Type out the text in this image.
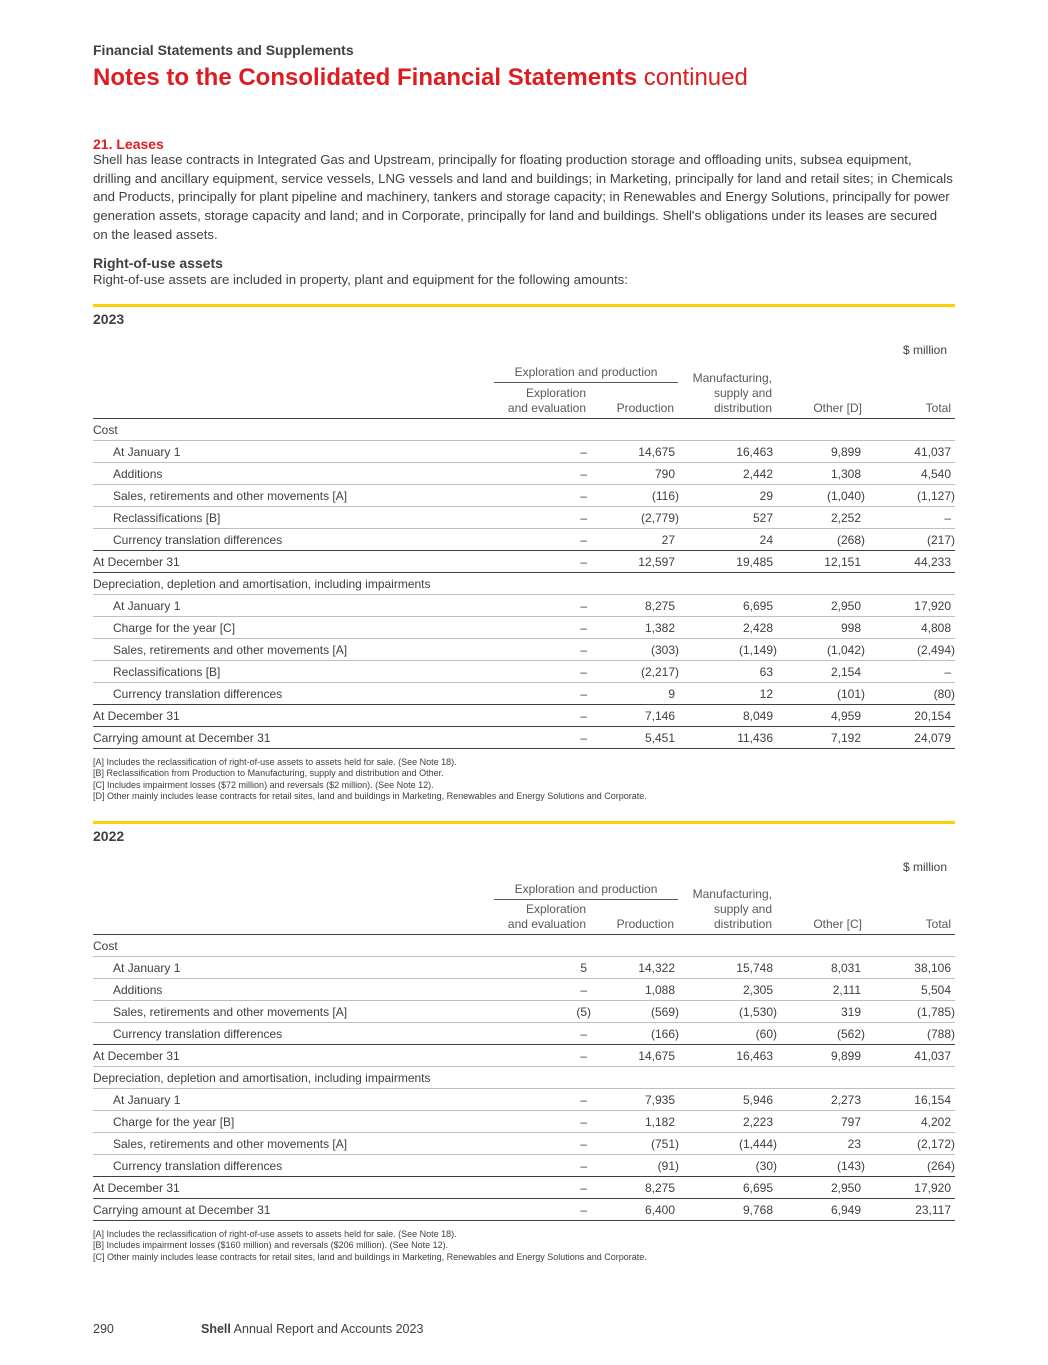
Financial Statements and Supplements
Notes to the Consolidated Financial Statements continued
21. Leases
Shell has lease contracts in Integrated Gas and Upstream, principally for floating production storage and offloading units, subsea equipment, drilling and ancillary equipment, service vessels, LNG vessels and land and buildings; in Marketing, principally for land and retail sites; in Chemicals and Products, principally for plant pipeline and machinery, tankers and storage capacity; in Renewables and Energy Solutions, principally for power generation assets, storage capacity and land; and in Corporate, principally for land and buildings. Shell's obligations under its leases are secured on the leased assets.
Right-of-use assets
Right-of-use assets are included in property, plant and equipment for the following amounts:
2023
$ million
Exploration and production
Exploration
and evaluation	Production
Manufacturing,
supply and
distribution	Other [D]	Total
Cost
At January 1	–	14,675	16,463	9,899	41,037
Additions	–	790	2,442	1,308	4,540
Sales, retirements and other movements [A]	–	(116)	29	(1,040)	(1,127)
Reclassifications [B]	–	(2,779)	527	2,252	–
Currency translation differences	–	27	24	(268)	(217)
At December 31	–	12,597	19,485	12,151	44,233
Depreciation, depletion and amortisation, including impairments
At January 1	–	8,275	6,695	2,950	17,920
Charge for the year [C]	–	1,382	2,428	998	4,808
Sales, retirements and other movements [A]	–	(303)	(1,149)	(1,042)	(2,494)
Reclassifications [B]	–	(2,217)	63	2,154	–
Currency translation differences	–	9	12	(101)	(80)
At December 31	–	7,146	8,049	4,959	20,154
Carrying amount at December 31	–	5,451	11,436	7,192	24,079
[A] Includes the reclassification of right-of-use assets to assets held for sale. (See Note 18).
[B] Reclassification from Production to Manufacturing, supply and distribution and Other.
[C] Includes impairment losses ($72 million) and reversals ($2 million). (See Note 12).
[D] Other mainly includes lease contracts for retail sites, land and buildings in Marketing, Renewables and Energy Solutions and Corporate.
2022
$ million
Exploration and production
Exploration
and evaluation	Production
Manufacturing,
supply and
distribution	Other [C]	Total
Cost
At January 1	5	14,322	15,748	8,031	38,106
Additions	–	1,088	2,305	2,111	5,504
Sales, retirements and other movements [A]	(5)	(569)	(1,530)	319	(1,785)
Currency translation differences	–	(166)	(60)	(562)	(788)
At December 31	–	14,675	16,463	9,899	41,037
Depreciation, depletion and amortisation, including impairments
At January 1	–	7,935	5,946	2,273	16,154
Charge for the year [B]	–	1,182	2,223	797	4,202
Sales, retirements and other movements [A]	–	(751)	(1,444)	23	(2,172)
Currency translation differences	–	(91)	(30)	(143)	(264)
At December 31	–	8,275	6,695	2,950	17,920
Carrying amount at December 31	–	6,400	9,768	6,949	23,117
[A] Includes the reclassification of right-of-use assets to assets held for sale. (See Note 18).
[B] Includes impairment losses ($160 million) and reversals ($206 million). (See Note 12).
[C] Other mainly includes lease contracts for retail sites, land and buildings in Marketing, Renewables and Energy Solutions and Corporate.
290	Shell Annual Report and Accounts 2023
